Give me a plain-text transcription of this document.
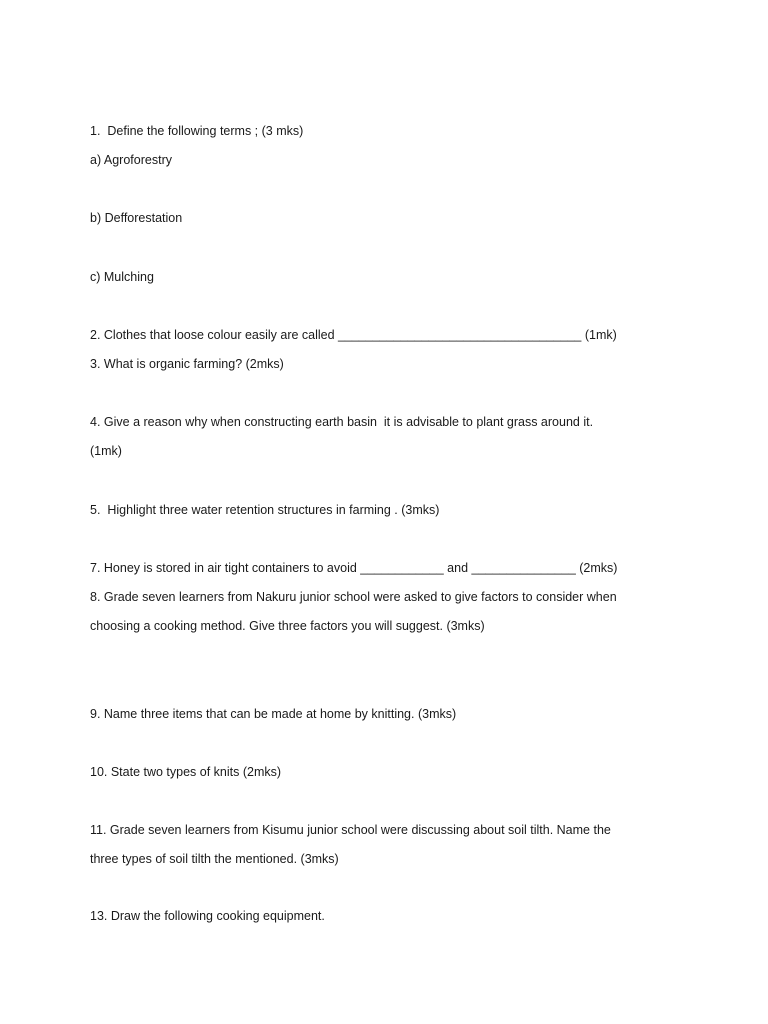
1.  Define the following terms ; (3 mks)

a) Agroforestry

b) Defforestation

c) Mulching

2. Clothes that loose colour easily are called ___________________________________ (1mk)

3. What is organic farming? (2mks)

4. Give a reason why when constructing earth basin  it is advisable to plant grass around it.

(1mk)

5.  Highlight three water retention structures in farming . (3mks)

7. Honey is stored in air tight containers to avoid ____________ and _______________ (2mks)

8. Grade seven learners from Nakuru junior school were asked to give factors to consider when

choosing a cooking method. Give three factors you will suggest. (3mks)

9. Name three items that can be made at home by knitting. (3mks)

10. State two types of knits (2mks)

11. Grade seven learners from Kisumu junior school were discussing about soil tilth. Name the

three types of soil tilth the mentioned. (3mks)

13. Draw the following cooking equipment.
